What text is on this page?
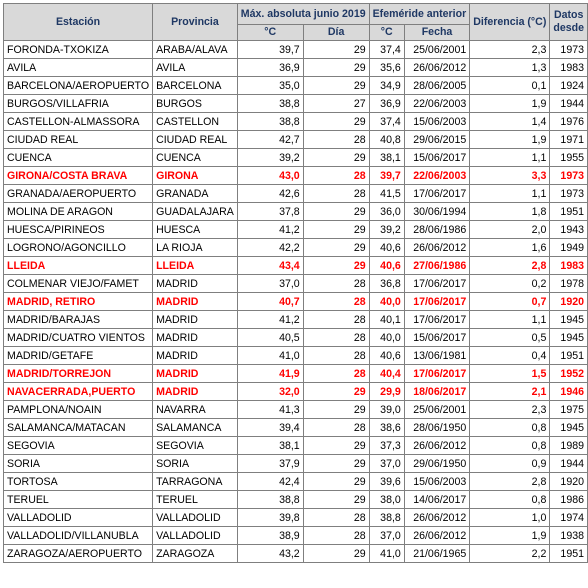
Estación	Provincia	Máx. absoluta junio 2019		Efeméride anterior		Diferencia (°C)	Datos desde
		°C	Día	°C	Fecha		
FORONDA-TXOKIZA	ARABA/ALAVA	39,7	29	37,4	25/06/2001	2,3	1973
AVILA	AVILA	36,9	29	35,6	26/06/2012	1,3	1983
BARCELONA/AEROPUERTO	BARCELONA	35,0	29	34,9	28/06/2005	0,1	1924
BURGOS/VILLAFRIA	BURGOS	38,8	27	36,9	22/06/2003	1,9	1944
CASTELLON-ALMASSORA	CASTELLON	38,8	29	37,4	15/06/2003	1,4	1976
CIUDAD REAL	CIUDAD REAL	42,7	28	40,8	29/06/2015	1,9	1971
CUENCA	CUENCA	39,2	29	38,1	15/06/2017	1,1	1955
GIRONA/COSTA BRAVA	GIRONA	43,0	28	39,7	22/06/2003	3,3	1973
GRANADA/AEROPUERTO	GRANADA	42,6	28	41,5	17/06/2017	1,1	1973
MOLINA DE ARAGON	GUADALAJARA	37,8	29	36,0	30/06/1994	1,8	1951
HUESCA/PIRINEOS	HUESCA	41,2	29	39,2	28/06/1986	2,0	1943
LOGRONO/AGONCILLO	LA RIOJA	42,2	29	40,6	26/06/2012	1,6	1949
LLEIDA	LLEIDA	43,4	29	40,6	27/06/1986	2,8	1983
COLMENAR VIEJO/FAMET	MADRID	37,0	28	36,8	17/06/2017	0,2	1978
MADRID, RETIRO	MADRID	40,7	28	40,0	17/06/2017	0,7	1920
MADRID/BARAJAS	MADRID	41,2	28	40,1	17/06/2017	1,1	1945
MADRID/CUATRO VIENTOS	MADRID	40,5	28	40,0	15/06/2017	0,5	1945
MADRID/GETAFE	MADRID	41,0	28	40,6	13/06/1981	0,4	1951
MADRID/TORREJON	MADRID	41,9	28	40,4	17/06/2017	1,5	1952
NAVACERRADA,PUERTO	MADRID	32,0	29	29,9	18/06/2017	2,1	1946
PAMPLONA/NOAIN	NAVARRA	41,3	29	39,0	25/06/2001	2,3	1975
SALAMANCA/MATACAN	SALAMANCA	39,4	28	38,6	28/06/1950	0,8	1945
SEGOVIA	SEGOVIA	38,1	29	37,3	26/06/2012	0,8	1989
SORIA	SORIA	37,9	29	37,0	29/06/1950	0,9	1944
TORTOSA	TARRAGONA	42,4	29	39,6	15/06/2003	2,8	1920
TERUEL	TERUEL	38,8	29	38,0	14/06/2017	0,8	1986
VALLADOLID	VALLADOLID	39,8	28	38,8	26/06/2012	1,0	1974
VALLADOLID/VILLANUBLA	VALLADOLID	38,9	28	37,0	26/06/2012	1,9	1938
ZARAGOZA/AEROPUERTO	ZARAGOZA	43,2	29	41,0	21/06/1965	2,2	1951
